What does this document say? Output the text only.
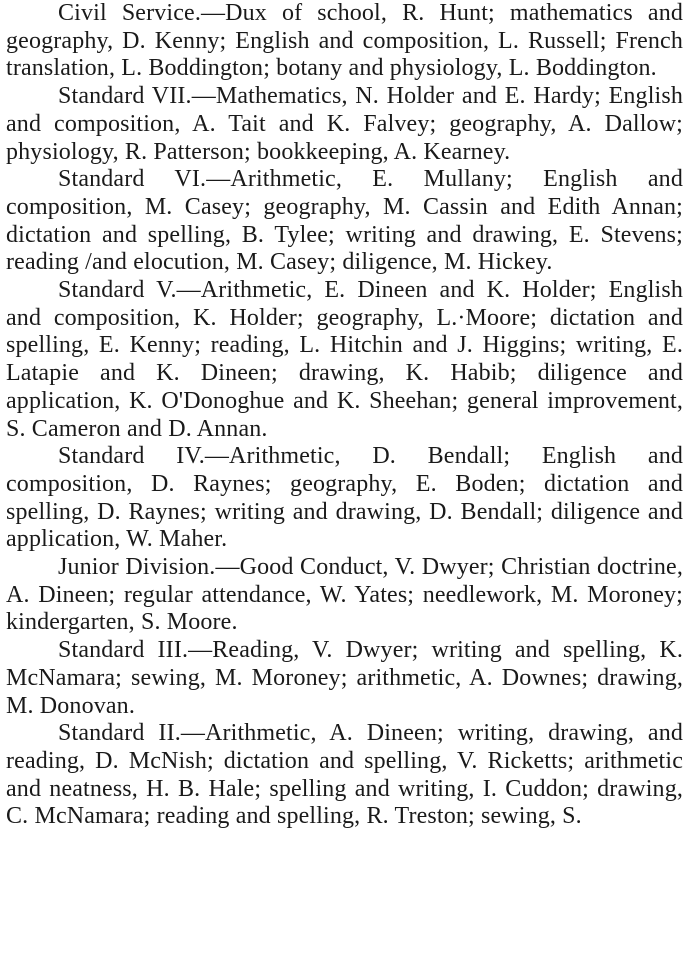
Civil Service.—Dux of school, R. Hunt; mathematics and geography, D. Kenny; English and composition, L. Russell; French translation, L. Boddington; botany and physiology, L. Boddington.

Standard VII.—Mathematics, N. Holder and E. Hardy; English and composition, A. Tait and K. Falvey; geography, A. Dallow; physiology, R. Patterson; bookkeeping, A. Kearney.

Standard VI.—Arithmetic, E. Mullany; English and composition, M. Casey; geography, M. Cassin and Edith Annan; dictation and spelling, B. Tylee; writing and drawing, E. Stevens; reading /and elocution, M. Casey; diligence, M. Hickey.

Standard V.—Arithmetic, E. Dineen and K. Holder; English and composition, K. Holder; geography, L.·Moore; dictation and spelling, E. Kenny; reading, L. Hitchin and J. Higgins; writing, E. Latapie and K. Dineen; drawing, K. Habib; diligence and application, K. O'Donoghue and K. Sheehan; general improvement, S. Cameron and D. Annan.

Standard IV.—Arithmetic, D. Bendall; English and composition, D. Raynes; geography, E. Boden; dictation and spelling, D. Raynes; writing and drawing, D. Bendall; diligence and application, W. Maher.

Junior Division.—Good Conduct, V. Dwyer; Christian doctrine, A. Dineen; regular attendance, W. Yates; needlework, M. Moroney; kindergarten, S. Moore.

Standard III.—Reading, V. Dwyer; writing and spelling, K. McNamara; sewing, M. Moroney; arithmetic, A. Downes; drawing, M. Donovan.

Standard II.—Arithmetic, A. Dineen; writing, drawing, and reading, D. McNish; dictation and spelling, V. Ricketts; arithmetic and neatness, H. B. Hale; spelling and writing, I. Cuddon; drawing, C. McNamara; reading and spelling, R. Treston; sewing, S.
